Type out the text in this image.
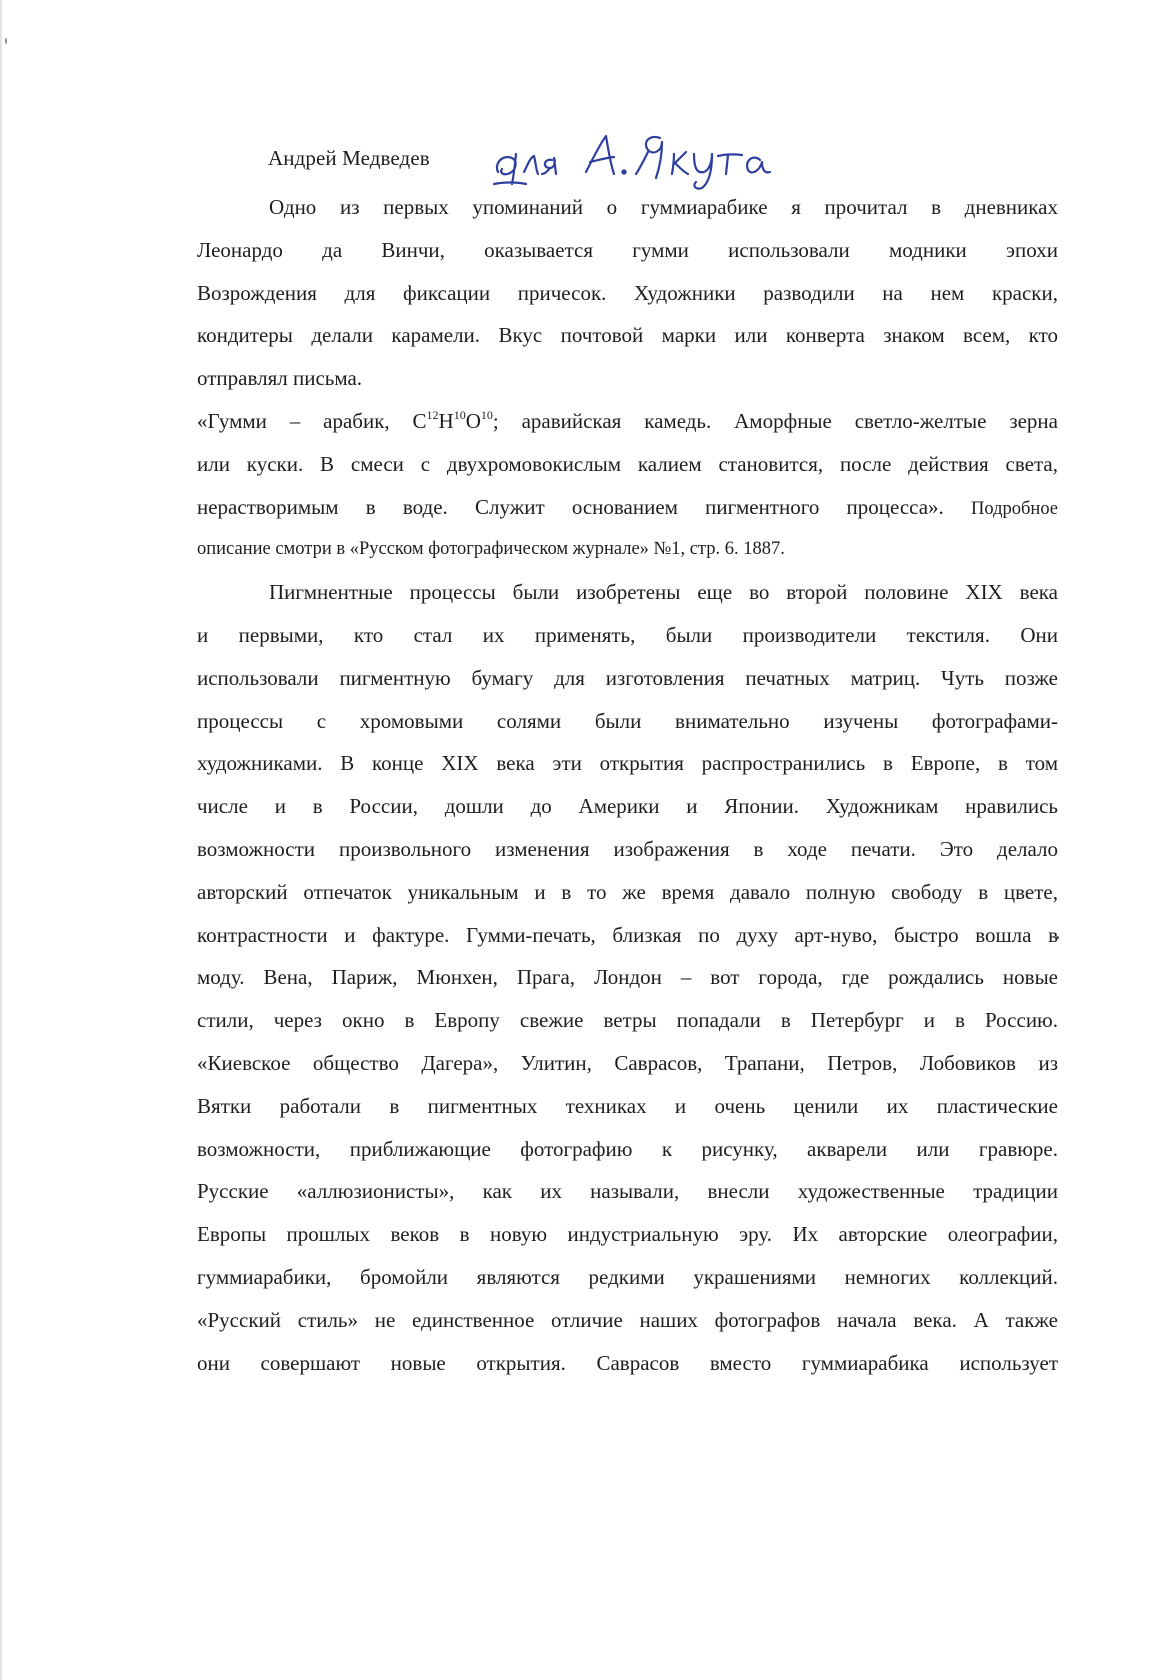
Андрей Медведев
Одно из первых упоминаний о гуммиарабике я прочитал в дневниках
Леонардо да Винчи, оказывается гумми использовали модники эпохи
Возрождения для фиксации причесок. Художники разводили на нем краски,
кондитеры делали карамели. Вкус почтовой марки или конверта знаком всем, кто
отправлял письма.
«Гумми – арабик, $C^{12}H^{10}O^{10}$; аравийская камедь. Аморфные светло-желтые зерна
или куски. В смеси с двухромовокислым калием становится, после действия света,
нерастворимым в воде. Служит основанием пигментного процесса». Подробное
описание смотри в «Русском фотографическом журнале» №1, стр. 6. 1887.
Пигмнентные процессы были изобретены еще во второй половине XIX века
и первыми, кто стал их применять, были производители текстиля. Они
использовали пигментную бумагу для изготовления печатных матриц. Чуть позже
процессы с хромовыми солями были внимательно изучены фотографами-
художниками. В конце XIX века эти открытия распространились в Европе, в том
числе и в России, дошли до Америки и Японии. Художникам нравились
возможности произвольного изменения изображения в ходе печати. Это делало
авторский отпечаток уникальным и в то же время давало полную свободу в цвете,
контрастности и фактуре. Гумми-печать, близкая по духу арт-нуво, быстро вошла в
моду. Вена, Париж, Мюнхен, Прага, Лондон – вот города, где рождались новые
стили, через окно в Европу свежие ветры попадали в Петербург и в Россию.
«Киевское общество Дагера», Улитин, Саврасов, Трапани, Петров, Лобовиков из
Вятки работали в пигментных техниках и очень ценили их пластические
возможности, приближающие фотографию к рисунку, акварели или гравюре.
Русские «аллюзионисты», как их называли, внесли художественные традиции
Европы прошлых веков в новую индустриальную эру. Их авторские олеографии,
гуммиарабики, бромойли являются редкими украшениями немногих коллекций.
«Русский стиль» не единственное отличие наших фотографов начала века. А также
они совершают новые открытия. Саврасов вместо гуммиарабика использует
